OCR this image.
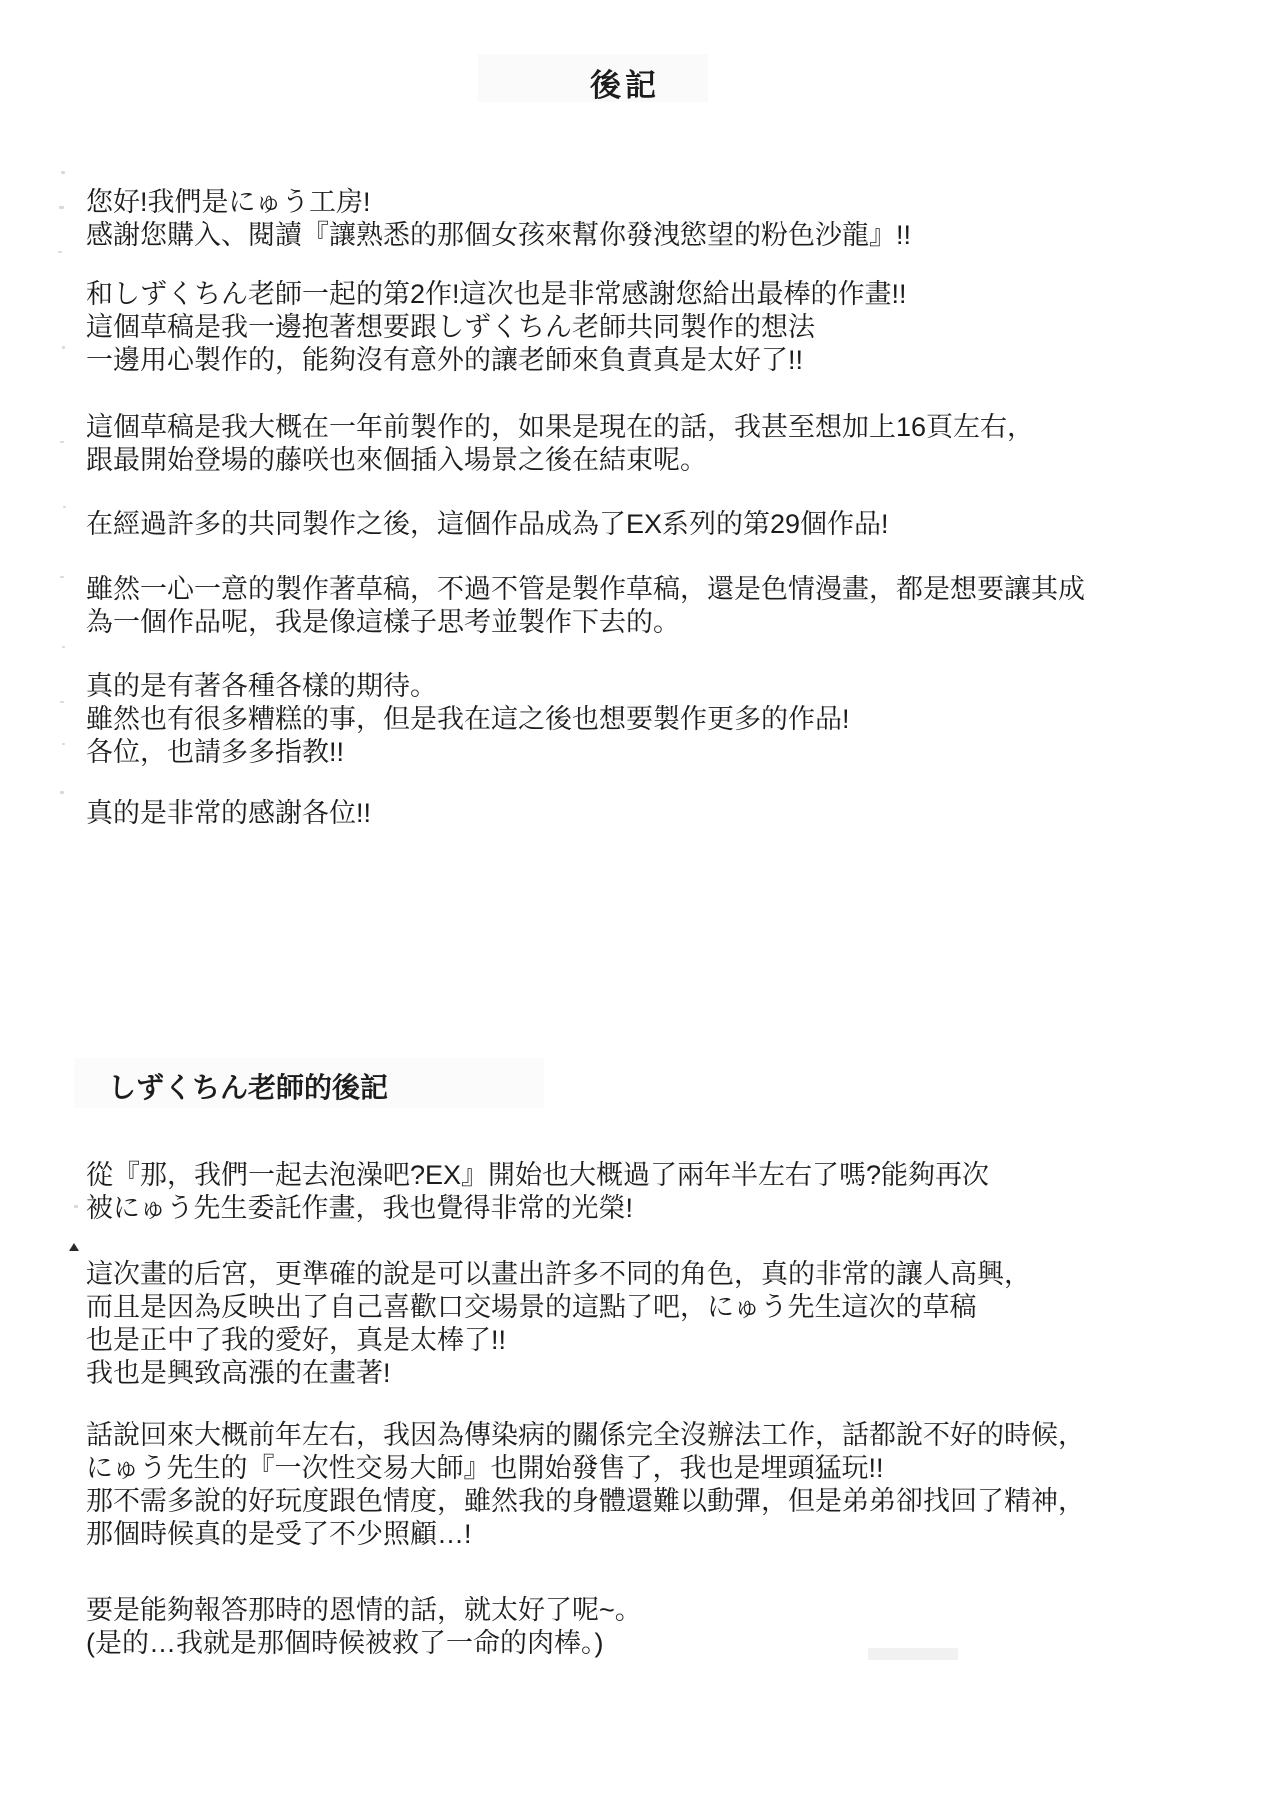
後記
您好!我們是にゅう工房!
感謝您購入、閱讀『讓熟悉的那個女孩來幫你發洩慾望的粉色沙龍』!!
和しずくちん老師一起的第2作!這次也是非常感謝您給出最棒的作畫!!
這個草稿是我一邊抱著想要跟しずくちん老師共同製作的想法
一邊用心製作的，能夠沒有意外的讓老師來負責真是太好了!!
這個草稿是我大概在一年前製作的，如果是現在的話，我甚至想加上16頁左右，
跟最開始登場的藤咲也來個插入場景之後在結束呢。
在經過許多的共同製作之後，這個作品成為了EX系列的第29個作品!
雖然一心一意的製作著草稿，不過不管是製作草稿，還是色情漫畫，都是想要讓其成
為一個作品呢，我是像這樣子思考並製作下去的。
真的是有著各種各樣的期待。
雖然也有很多糟糕的事，但是我在這之後也想要製作更多的作品!
各位，也請多多指教!!
真的是非常的感謝各位!!
しずくちん老師的後記
從『那，我們一起去泡澡吧?EX』開始也大概過了兩年半左右了嗎?能夠再次
被にゅう先生委託作畫，我也覺得非常的光榮!
這次畫的后宮，更準確的說是可以畫出許多不同的角色，真的非常的讓人高興，
而且是因為反映出了自己喜歡口交場景的這點了吧，にゅう先生這次的草稿
也是正中了我的愛好，真是太棒了!!
我也是興致高漲的在畫著!
話說回來大概前年左右，我因為傳染病的關係完全沒辦法工作，話都說不好的時候，
にゅう先生的『一次性交易大師』也開始發售了，我也是埋頭猛玩!!
那不需多說的好玩度跟色情度，雖然我的身體還難以動彈，但是弟弟卻找回了精神，
那個時候真的是受了不少照顧…!
要是能夠報答那時的恩情的話，就太好了呢~。
(是的…我就是那個時候被救了一命的肉棒。)
